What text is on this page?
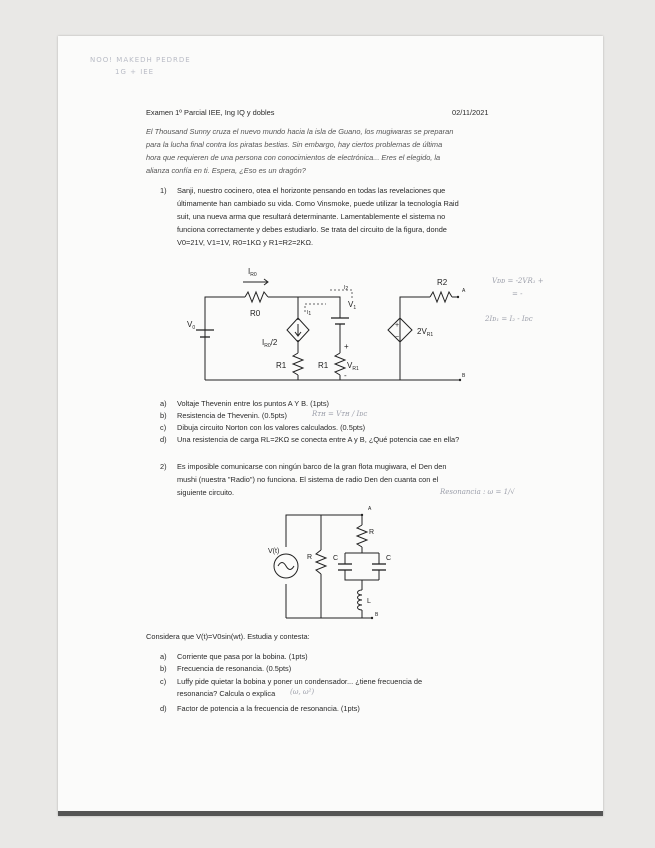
NOO! MAKEDH PEDRDE
1G + IEE
Examen 1º Parcial IEE, Ing IQ y dobles	02/11/2021
El Thousand Sunny cruza el nuevo mundo hacia la isla de Guano, los mugiwaras se preparan
para la lucha final contra los piratas bestias. Sin embargo, hay ciertos problemas de última
hora que requieren de una persona con conocimientos de electrónica... Eres el elegido, la
alianza confía en ti. Espera, ¿Eso es un dragón?
1) Sanji, nuestro cocinero, otea el horizonte pensando en todas las revelaciones que
últimamente han cambiado su vida. Como Vinsmoke, puede utilizar la tecnología Raid
suit, una nueva arma que resultará determinante. Lamentablemente el sistema no
funciona correctamente y debes estudiarlo. Se trata del circuito de la figura, donde
V0=21V, V1=1V, R0=1KΩ y R1=R2=2KΩ.
+
−
$I_{R0}$
R0
$V_0$
$I_{R0}/2$
R1	R1
$V_1$
I1
I2
+
-
$V_{R1}$
R2
$2V_{R1}$
A
B
Vᴅᴅ = -2VR₁ +
= -
2Iᴅ₁ = I₂ - Iᴅᴄ
a) Voltaje Thevenin entre los puntos A Y B. (1pts)
b) Resistencia de Thevenin. (0.5pts)	Rᴛʜ = Vᴛʜ / Iᴅᴄ
c) Dibuja circuito Norton con los valores calculados. (0.5pts)
d) Una resistencia de carga RL=2KΩ se conecta entre A y B, ¿Qué potencia cae en ella?
2) Es imposible comunicarse con ningún barco de la gran flota mugiwara, el Den den
mushi (nuestra "Radio") no funciona. El sistema de radio Den den cuanta con el
siguiente circuito.	Resonancia : ω = 1/√
V(t)
R
R
C	C
L
A
B
Considera que V(t)=V0sin(wt). Estudia y contesta:
a) Corriente que pasa por la bobina. (1pts)
b) Frecuencia de resonancia. (0.5pts)
c) Luffy pide quietar la bobina y poner un condensador... ¿tiene frecuencia de
resonancia? Calcula o explica (ω, ω²)
d) Factor de potencia a la frecuencia de resonancia. (1pts)
